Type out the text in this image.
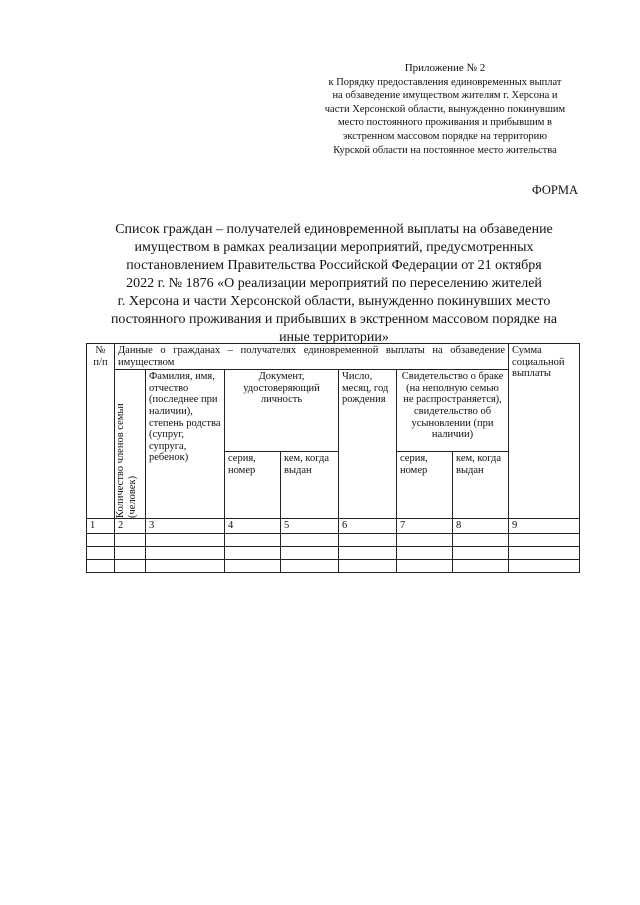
Приложение № 2
к Порядку предоставления единовременных выплат
на обзаведение имуществом жителям г. Херсона и
части Херсонской области, вынужденно покинувшим
место постоянного проживания и прибывшим в
экстренном массовом порядке на территорию
Курской области на постоянное место жительства
ФОРМА
Список граждан – получателей единовременной выплаты на обзаведение
имуществом в рамках реализации мероприятий, предусмотренных
постановлением Правительства Российской Федерации от 21 октября
2022 г. № 1876 «О реализации мероприятий по переселению жителей
г. Херсона и части Херсонской области, вынужденно покинувших место
постоянного проживания и прибывших в экстренном массовом порядке на
иные территории»
№ п/п	Данные о гражданах – получателях единовременной выплаты на обзаведение имуществом							Сумма социальной выплаты

	Количество членов семьи (человек)	Фамилия, имя, отчество (последнее при наличии), степень родства (супруг, супруга, ребенок)	Документ, удостоверяющий личность		Число, месяц, год рождения	Свидетельство о браке (на неполную семью не распространяется), свидетельство об усыновлении (при наличии)		
			серия, номер	кем, когда выдан		серия, номер	кем, когда выдан	
1	2	3	4	5	6	7	8	9
